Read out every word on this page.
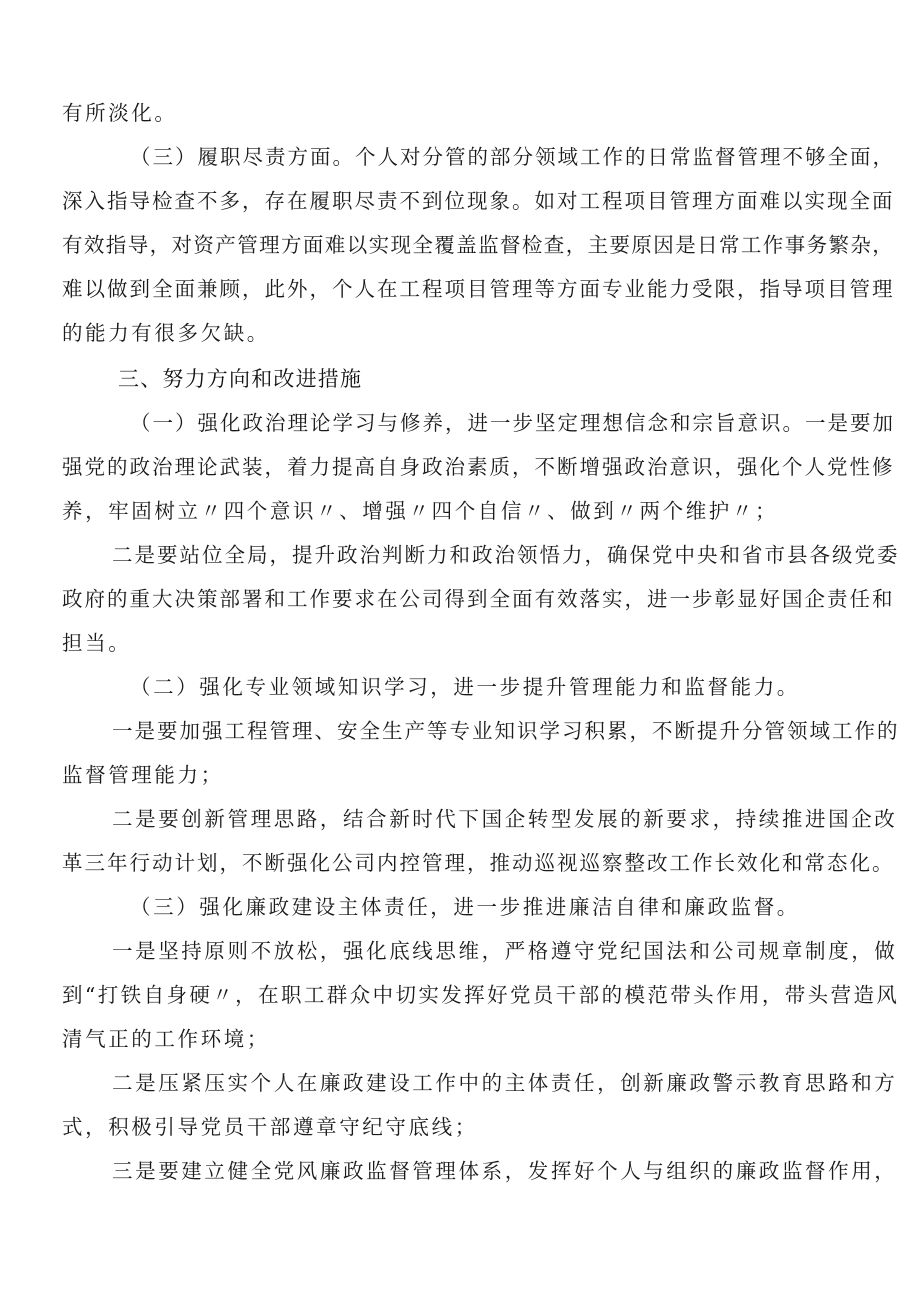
有所淡化。
（三）履职尽责方面。个人对分管的部分领域工作的日常监督管理不够全面，
深入指导检查不多，存在履职尽责不到位现象。如对工程项目管理方面难以实现全面
有效指导，对资产管理方面难以实现全覆盖监督检查，主要原因是日常工作事务繁杂，
难以做到全面兼顾，此外，个人在工程项目管理等方面专业能力受限，指导项目管理
的能力有很多欠缺。
三、努力方向和改进措施
（一）强化政治理论学习与修养，进一步坚定理想信念和宗旨意识。一是要加
强党的政治理论武装，着力提高自身政治素质，不断增强政治意识，强化个人党性修
养，牢固树立〃四个意识〃、增强〃四个自信〃、做到〃两个维护〃；
二是要站位全局，提升政治判断力和政治领悟力，确保党中央和省市县各级党委
政府的重大决策部署和工作要求在公司得到全面有效落实，进一步彰显好国企责任和
担当。
（二）强化专业领域知识学习，进一步提升管理能力和监督能力。
一是要加强工程管理、安全生产等专业知识学习积累，不断提升分管领域工作的
监督管理能力；
二是要创新管理思路，结合新时代下国企转型发展的新要求，持续推进国企改
革三年行动计划，不断强化公司内控管理，推动巡视巡察整改工作长效化和常态化。
（三）强化廉政建设主体责任，进一步推进廉洁自律和廉政监督。
一是坚持原则不放松，强化底线思维，严格遵守党纪国法和公司规章制度，做
到“打铁自身硬〃，在职工群众中切实发挥好党员干部的模范带头作用，带头营造风
清气正的工作环境；
二是压紧压实个人在廉政建设工作中的主体责任，创新廉政警示教育思路和方
式，积极引导党员干部遵章守纪守底线；
三是要建立健全党风廉政监督管理体系，发挥好个人与组织的廉政监督作用，
